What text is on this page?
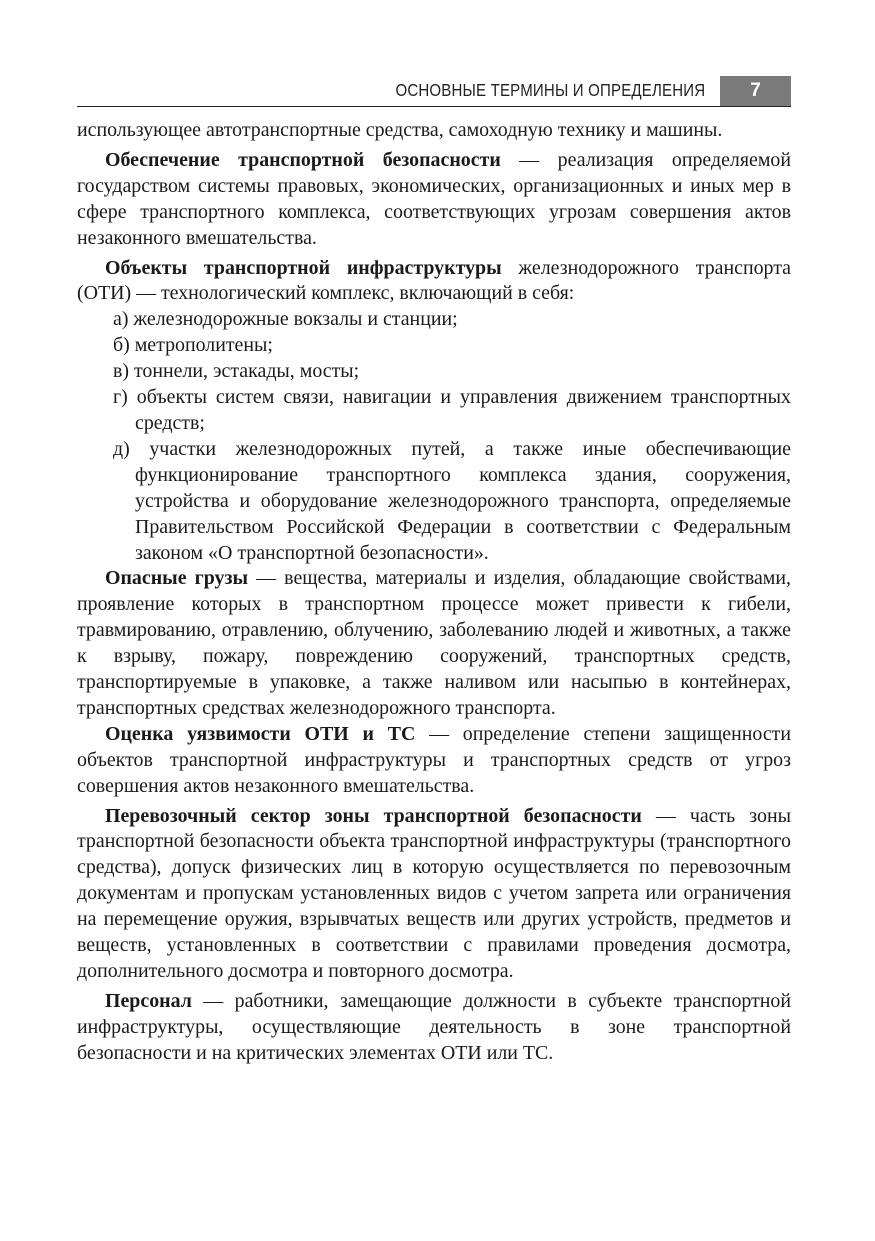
ОСНОВНЫЕ ТЕРМИНЫ И ОПРЕДЕЛЕНИЯ	7

использующее автотранспортные средства, самоходную технику и машины.

Обеспечение транспортной безопасности — реализация определяемой государством системы правовых, экономических, организационных и иных мер в сфере транспортного комплекса, соответствующих угрозам совершения актов незаконного вмешательства.

Объекты транспортной инфраструктуры железнодорожного транспорта (ОТИ) — технологический комплекс, включающий в себя:

а) железнодорожные вокзалы и станции;

б) метрополитены;

в) тоннели, эстакады, мосты;

г) объекты систем связи, навигации и управления движением транспортных средств;

д) участки железнодорожных путей, а также иные обеспечивающие функционирование транспортного комплекса здания, сооружения, устройства и оборудование железнодорожного транспорта, определяемые Правительством Российской Федерации в соответствии с Федеральным законом «О транспортной безопасности».

Опасные грузы — вещества, материалы и изделия, обладающие свойствами, проявление которых в транспортном процессе может привести к гибели, травмированию, отравлению, облучению, заболеванию людей и животных, а также к взрыву, пожару, повреждению сооружений, транспортных средств, транспортируемые в упаковке, а также наливом или насыпью в контейнерах, транспортных средствах железнодорожного транспорта.

Оценка уязвимости ОТИ и ТС — определение степени защищенности объектов транспортной инфраструктуры и транспортных средств от угроз совершения актов незаконного вмешательства.

Перевозочный сектор зоны транспортной безопасности — часть зоны транспортной безопасности объекта транспортной инфраструктуры (транспортного средства), допуск физических лиц в которую осуществляется по перевозочным документам и пропускам установленных видов с учетом запрета или ограничения на перемещение оружия, взрывчатых веществ или других устройств, предметов и веществ, установленных в соответствии с правилами проведения досмотра, дополнительного досмотра и повторного досмотра.

Персонал — работники, замещающие должности в субъекте транспортной инфраструктуры, осуществляющие деятельность в зоне транспортной безопасности и на критических элементах ОТИ или ТС.
